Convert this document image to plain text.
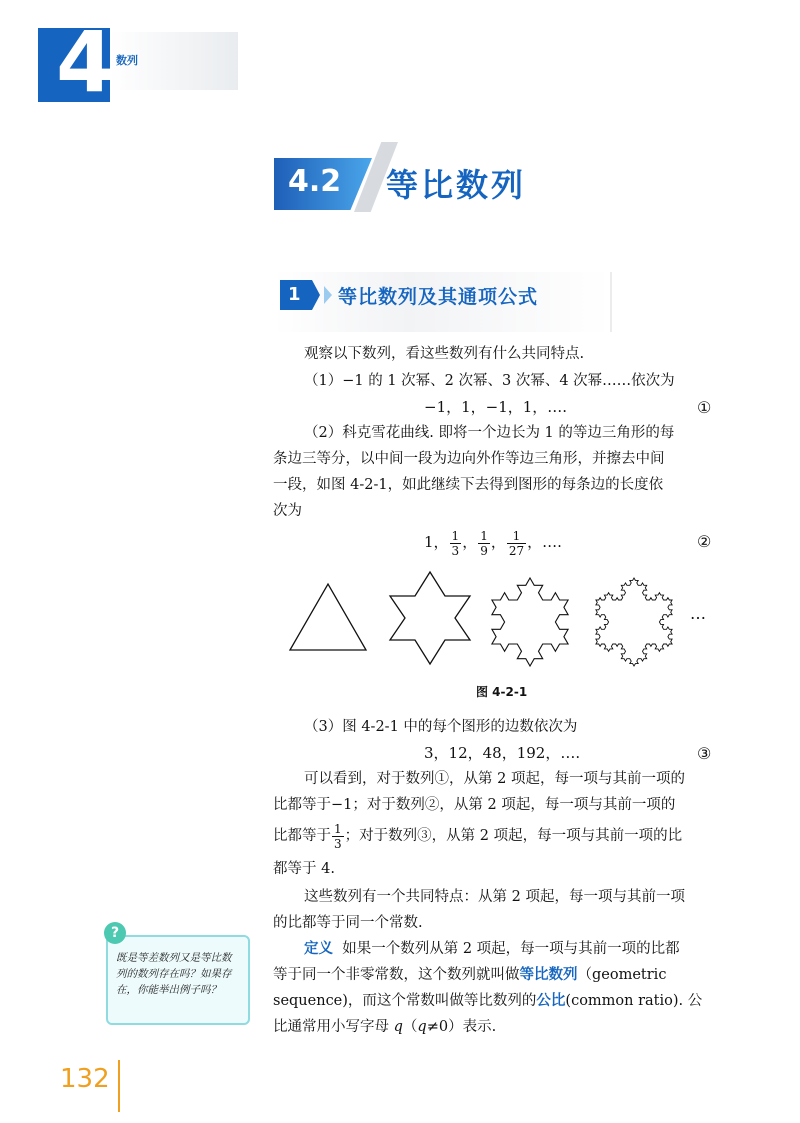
4 数列
4.2 等比数列
1 等比数列及其通项公式
观察以下数列，看这些数列有什么共同特点.
（1）−1 的 1 次幂、2 次幂、3 次幂、4 次幂……依次为
−1，1，−1，1，….	①
（2）科克雪花曲线. 即将一个边长为 1 的等边三角形的每
条边三等分，以中间一段为边向外作等边三角形，并擦去中间
一段，如图 4-2-1，如此继续下去得到图形的每条边的长度依
次为
1， $\frac{1}{3}$ ， $\frac{1}{9}$ ， $\frac{1}{27}$ ，….	②
…
图 4-2-1
（3）图 4-2-1 中的每个图形的边数依次为
3，12，48，192，….	③
可以看到，对于数列①，从第 2 项起，每一项与其前一项的
比都等于−1；对于数列②，从第 2 项起，每一项与其前一项的
比都等于 $\frac{1}{3}$ ；对于数列③，从第 2 项起，每一项与其前一项的比
都等于 4.
这些数列有一个共同特点：从第 2 项起，每一项与其前一项
的比都等于同一个常数.
定义 如果一个数列从第 2 项起，每一项与其前一项的比都
等于同一个非零常数，这个数列就叫做等比数列（geometric
sequence)，而这个常数叫做等比数列的公比(common ratio). 公
比通常用小写字母 q（q≠0）表示.
?
既是等差数列又是等比数列的数列存在吗？如果存在，你能举出例子吗？
132
